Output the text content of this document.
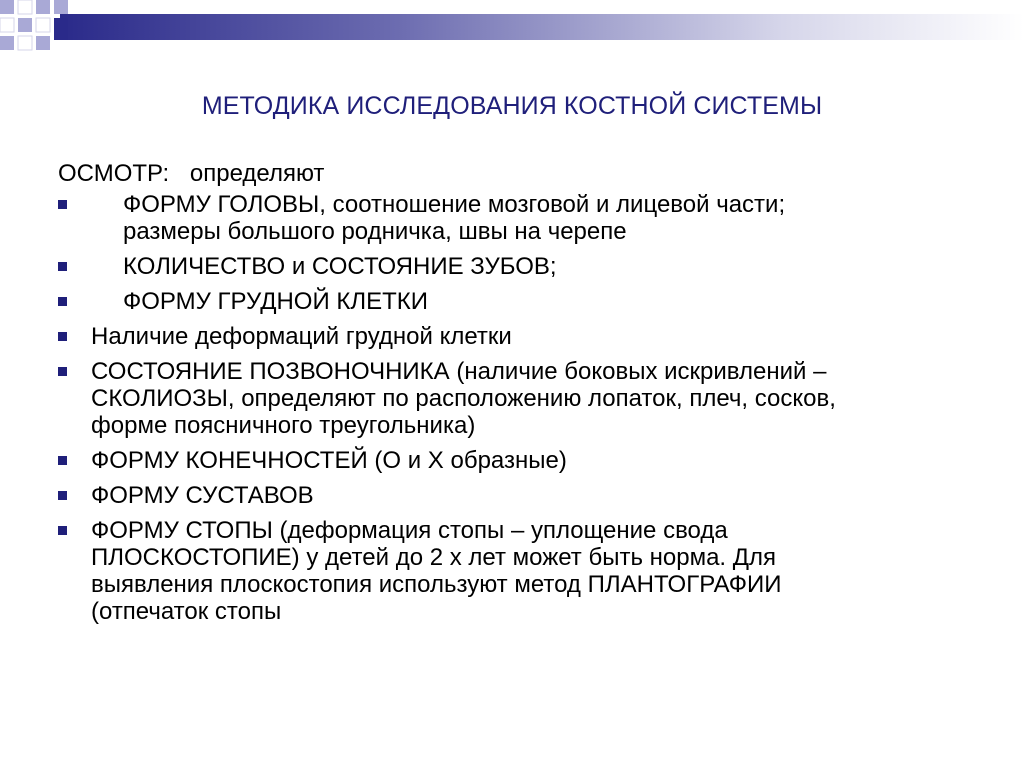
МЕТОДИКА ИССЛЕДОВАНИЯ КОСТНОЙ СИСТЕМЫ
ОСМОТР: определяют
ФОРМУ ГОЛОВЫ, соотношение мозговой и лицевой части;
размеры большого родничка, швы на черепе
КОЛИЧЕСТВО и СОСТОЯНИЕ ЗУБОВ;
ФОРМУ ГРУДНОЙ КЛЕТКИ
Наличие деформаций грудной клетки
СОСТОЯНИЕ ПОЗВОНОЧНИКА (наличие боковых искривлений –
СКОЛИОЗЫ, определяют по расположению лопаток, плеч, сосков,
форме поясничного треугольника)
ФОРМУ КОНЕЧНОСТЕЙ (О и Х образные)
ФОРМУ СУСТАВОВ
ФОРМУ СТОПЫ (деформация стопы – уплощение свода
ПЛОСКОСТОПИЕ) у детей до 2 х лет может быть норма. Для
выявления плоскостопия используют метод ПЛАНТОГРАФИИ
(отпечаток стопы
